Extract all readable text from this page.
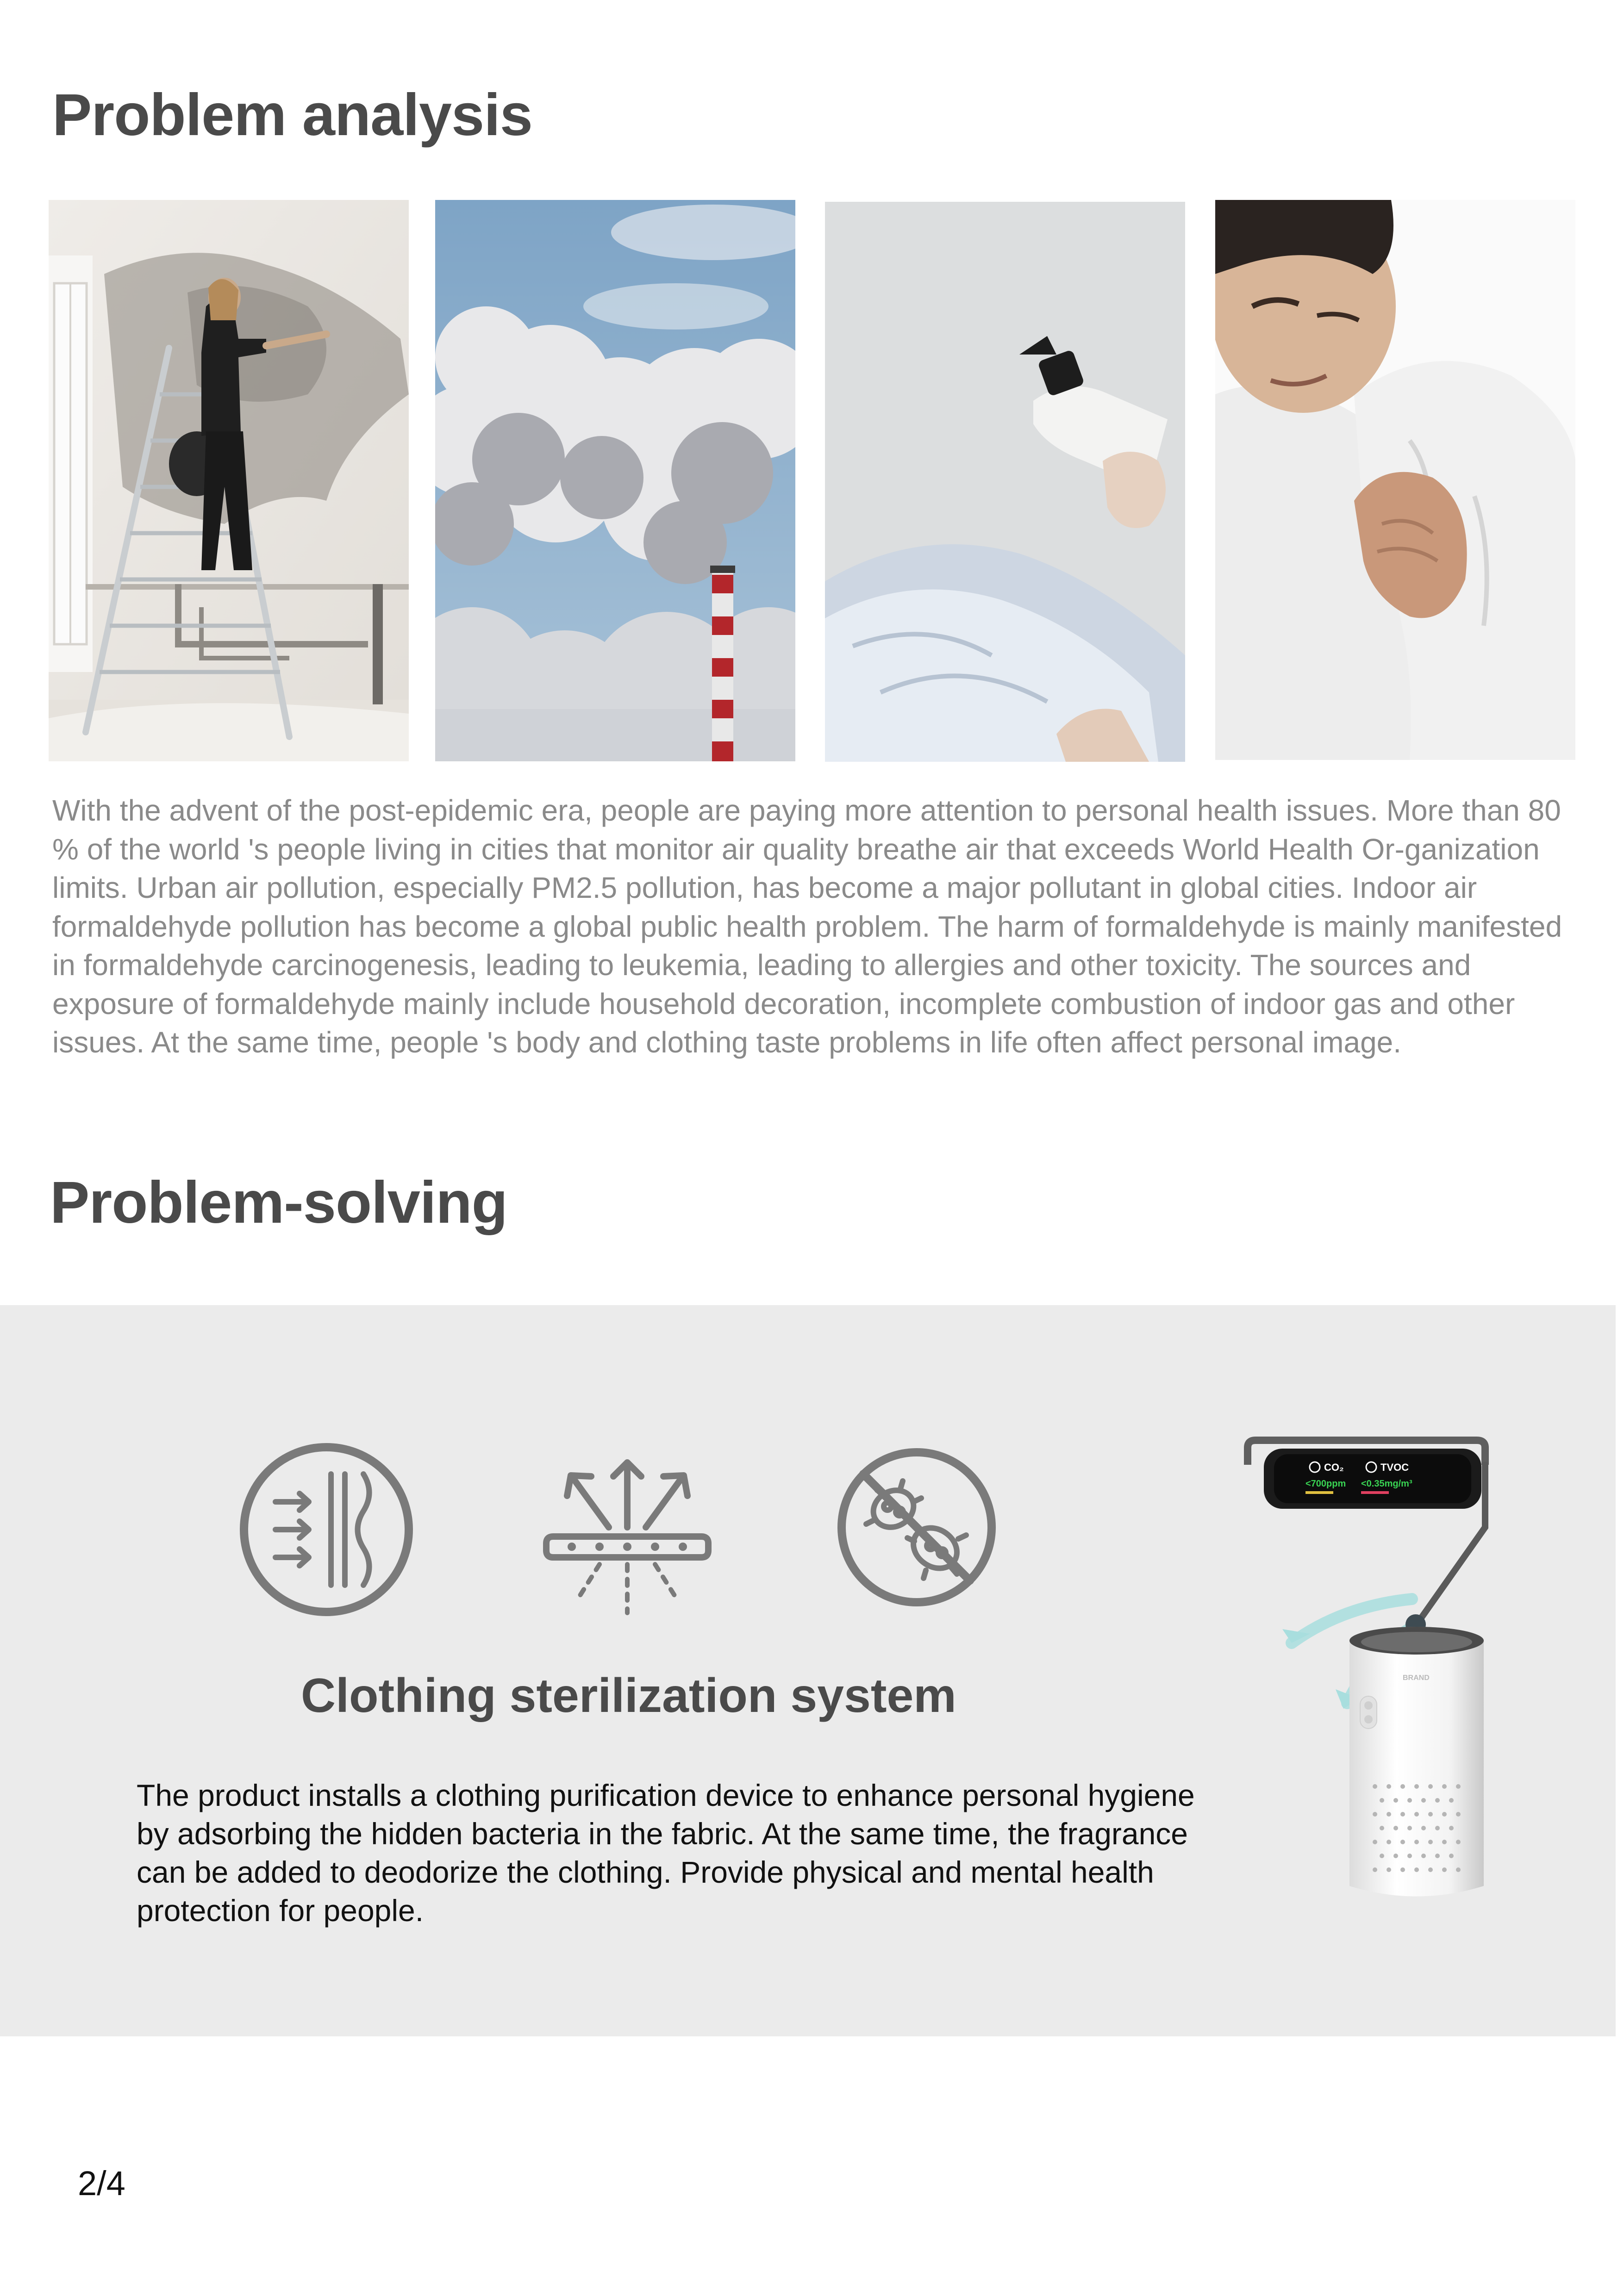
Problem analysis

With the advent of the post-epidemic era, people are paying more attention to personal health issues. More than 80 % of the world 's people living in cities that monitor air quality breathe air that exceeds World Health Or-ganization limits. Urban air pollution, especially PM2.5 pollution, has become a major pollutant in global cities. Indoor air formaldehyde pollution has become a global public health problem. The harm of formaldehyde is mainly manifested in formaldehyde carcinogenesis, leading to leukemia, leading to allergies and other toxicity. The sources and exposure of formaldehyde mainly include household decoration, incomplete combustion of indoor gas and other issues. At the same time, people 's body and clothing taste problems in life often affect personal image.

Problem-solving
Clothing sterilization system

The product installs a clothing purification device to enhance personal hygiene by adsorbing the hidden bacteria in the fabric. At the same time, the fragrance can be added to deodorize the clothing. Provide physical and mental health protection for people.

CO₂	TVOC
<700ppm <0.35mg/m³
BRAND
2/4
